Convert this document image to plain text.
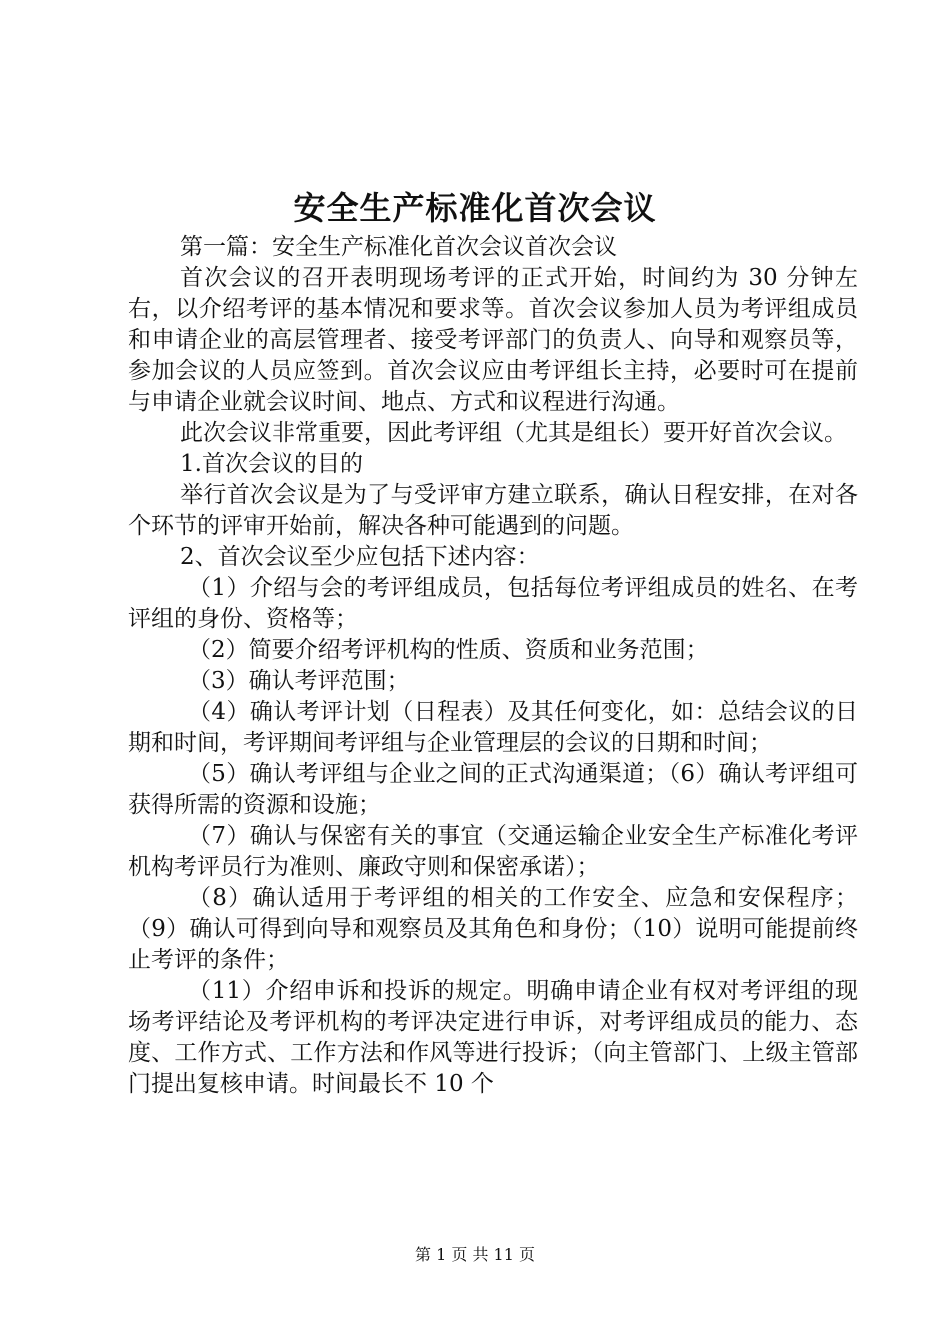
安全生产标准化首次会议

第一篇：安全生产标准化首次会议首次会议

首次会议的召开表明现场考评的正式开始，时间约为 30 分钟左右，以介绍考评的基本情况和要求等。首次会议参加人员为考评组成员和申请企业的高层管理者、接受考评部门的负责人、向导和观察员等，参加会议的人员应签到。首次会议应由考评组长主持，必要时可在提前与申请企业就会议时间、地点、方式和议程进行沟通。

此次会议非常重要，因此考评组（尤其是组长）要开好首次会议。

1.首次会议的目的

举行首次会议是为了与受评审方建立联系，确认日程安排，在对各个环节的评审开始前，解决各种可能遇到的问题。

2、首次会议至少应包括下述内容：

（1）介绍与会的考评组成员，包括每位考评组成员的姓名、在考评组的身份、资格等；

（2）简要介绍考评机构的性质、资质和业务范围；

（3）确认考评范围；

（4）确认考评计划（日程表）及其任何变化，如：总结会议的日期和时间，考评期间考评组与企业管理层的会议的日期和时间；

（5）确认考评组与企业之间的正式沟通渠道；（6）确认考评组可获得所需的资源和设施；

（7）确认与保密有关的事宜（交通运输企业安全生产标准化考评机构考评员行为准则、廉政守则和保密承诺）；

（8）确认适用于考评组的相关的工作安全、应急和安保程序；（9）确认可得到向导和观察员及其角色和身份；（10）说明可能提前终止考评的条件；

（11）介绍申诉和投诉的规定。明确申请企业有权对考评组的现场考评结论及考评机构的考评决定进行申诉，对考评组成员的能力、态度、工作方式、工作方法和作风等进行投诉；（向主管部门、上级主管部门提出复核申请。时间最长不 10 个

第 1 页 共 11 页
